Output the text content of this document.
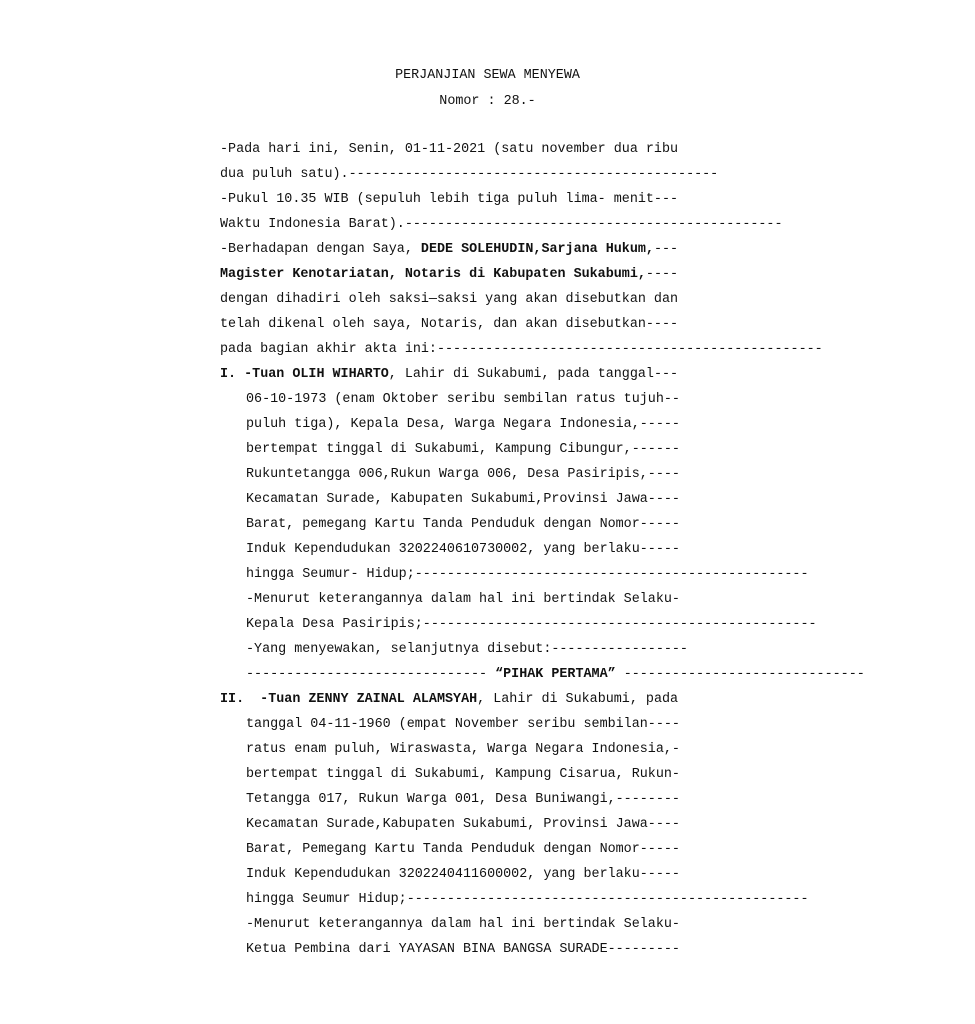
PERJANJIAN SEWA MENYEWA
Nomor : 28.-
-Pada hari ini, Senin, 01-11-2021 (satu november dua ribu
dua puluh satu).----------------------------------------------
-Pukul 10.35 WIB (sepuluh lebih tiga puluh lima- menit---
Waktu Indonesia Barat).-----------------------------------------------
-Berhadapan dengan Saya, DEDE SOLEHUDIN,Sarjana Hukum,---
Magister Kenotariatan, Notaris di Kabupaten Sukabumi,----
dengan dihadiri oleh saksi—saksi yang akan disebutkan dan
telah dikenal oleh saya, Notaris, dan akan disebutkan----
pada bagian akhir akta ini:------------------------------------------------
I. -Tuan OLIH WIHARTO, Lahir di Sukabumi, pada tanggal---
06-10-1973 (enam Oktober seribu sembilan ratus tujuh--
puluh tiga), Kepala Desa, Warga Negara Indonesia,-----
bertempat tinggal di Sukabumi, Kampung Cibungur,------
Rukuntetangga 006,Rukun Warga 006, Desa Pasiripis,----
Kecamatan Surade, Kabupaten Sukabumi,Provinsi Jawa----
Barat, pemegang Kartu Tanda Penduduk dengan Nomor-----
Induk Kependudukan 3202240610730002, yang berlaku-----
hingga Seumur- Hidup;-------------------------------------------------
-Menurut keterangannya dalam hal ini bertindak Selaku-
Kepala Desa Pasiripis;-------------------------------------------------
-Yang menyewakan, selanjutnya disebut:-----------------
------------------------------ “PIHAK PERTAMA” ------------------------------
II.  -Tuan ZENNY ZAINAL ALAMSYAH, Lahir di Sukabumi, pada
tanggal 04-11-1960 (empat November seribu sembilan----
ratus enam puluh, Wiraswasta, Warga Negara Indonesia,-
bertempat tinggal di Sukabumi, Kampung Cisarua, Rukun-
Tetangga 017, Rukun Warga 001, Desa Buniwangi,--------
Kecamatan Surade,Kabupaten Sukabumi, Provinsi Jawa----
Barat, Pemegang Kartu Tanda Penduduk dengan Nomor-----
Induk Kependudukan 3202240411600002, yang berlaku-----
hingga Seumur Hidup;--------------------------------------------------
-Menurut keterangannya dalam hal ini bertindak Selaku-
Ketua Pembina dari YAYASAN BINA BANGSA SURADE---------
